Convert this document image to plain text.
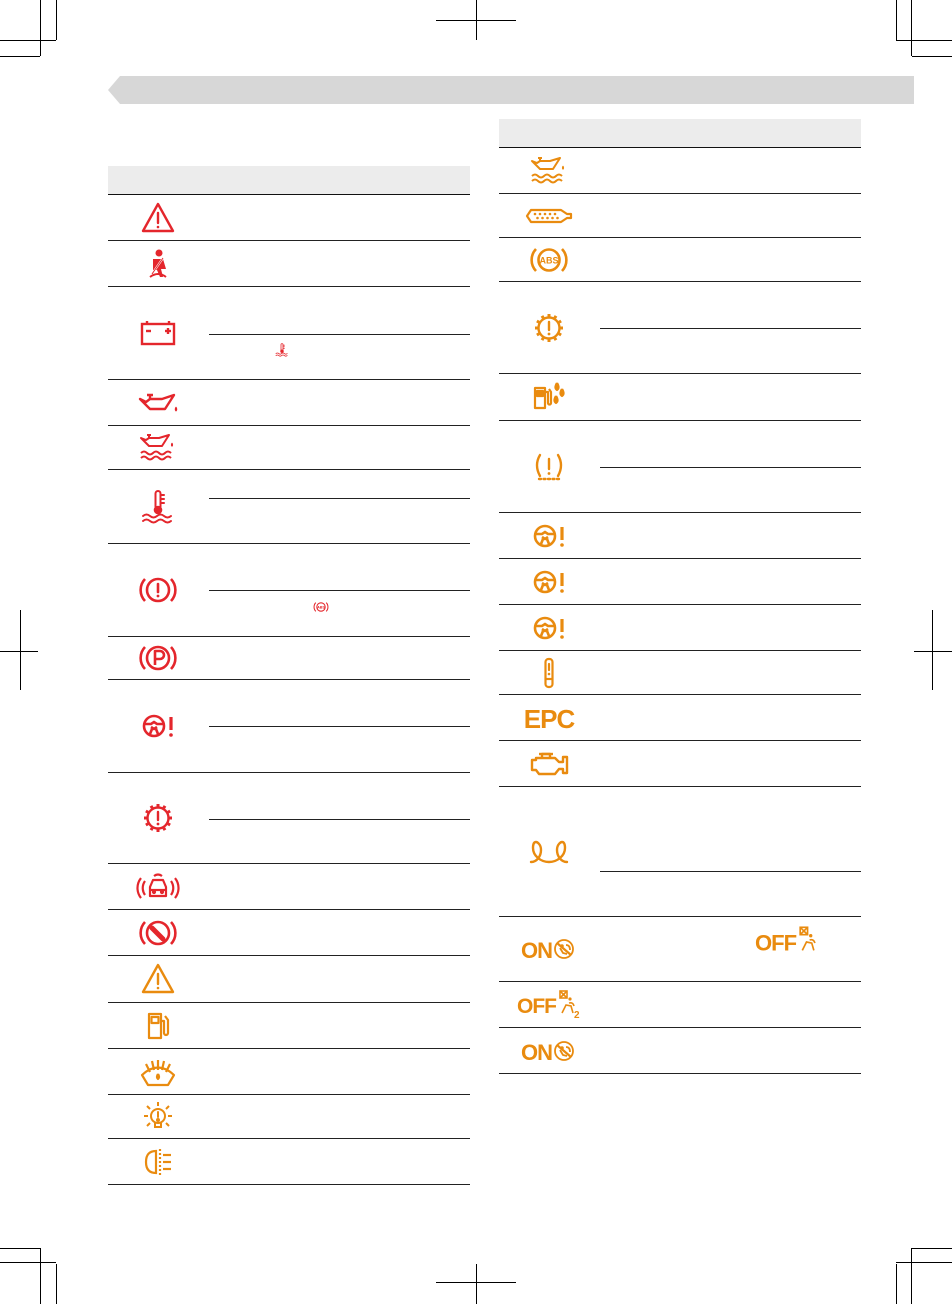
ABS
ABS
EPC
ON	OFF
OFF 2
ON
